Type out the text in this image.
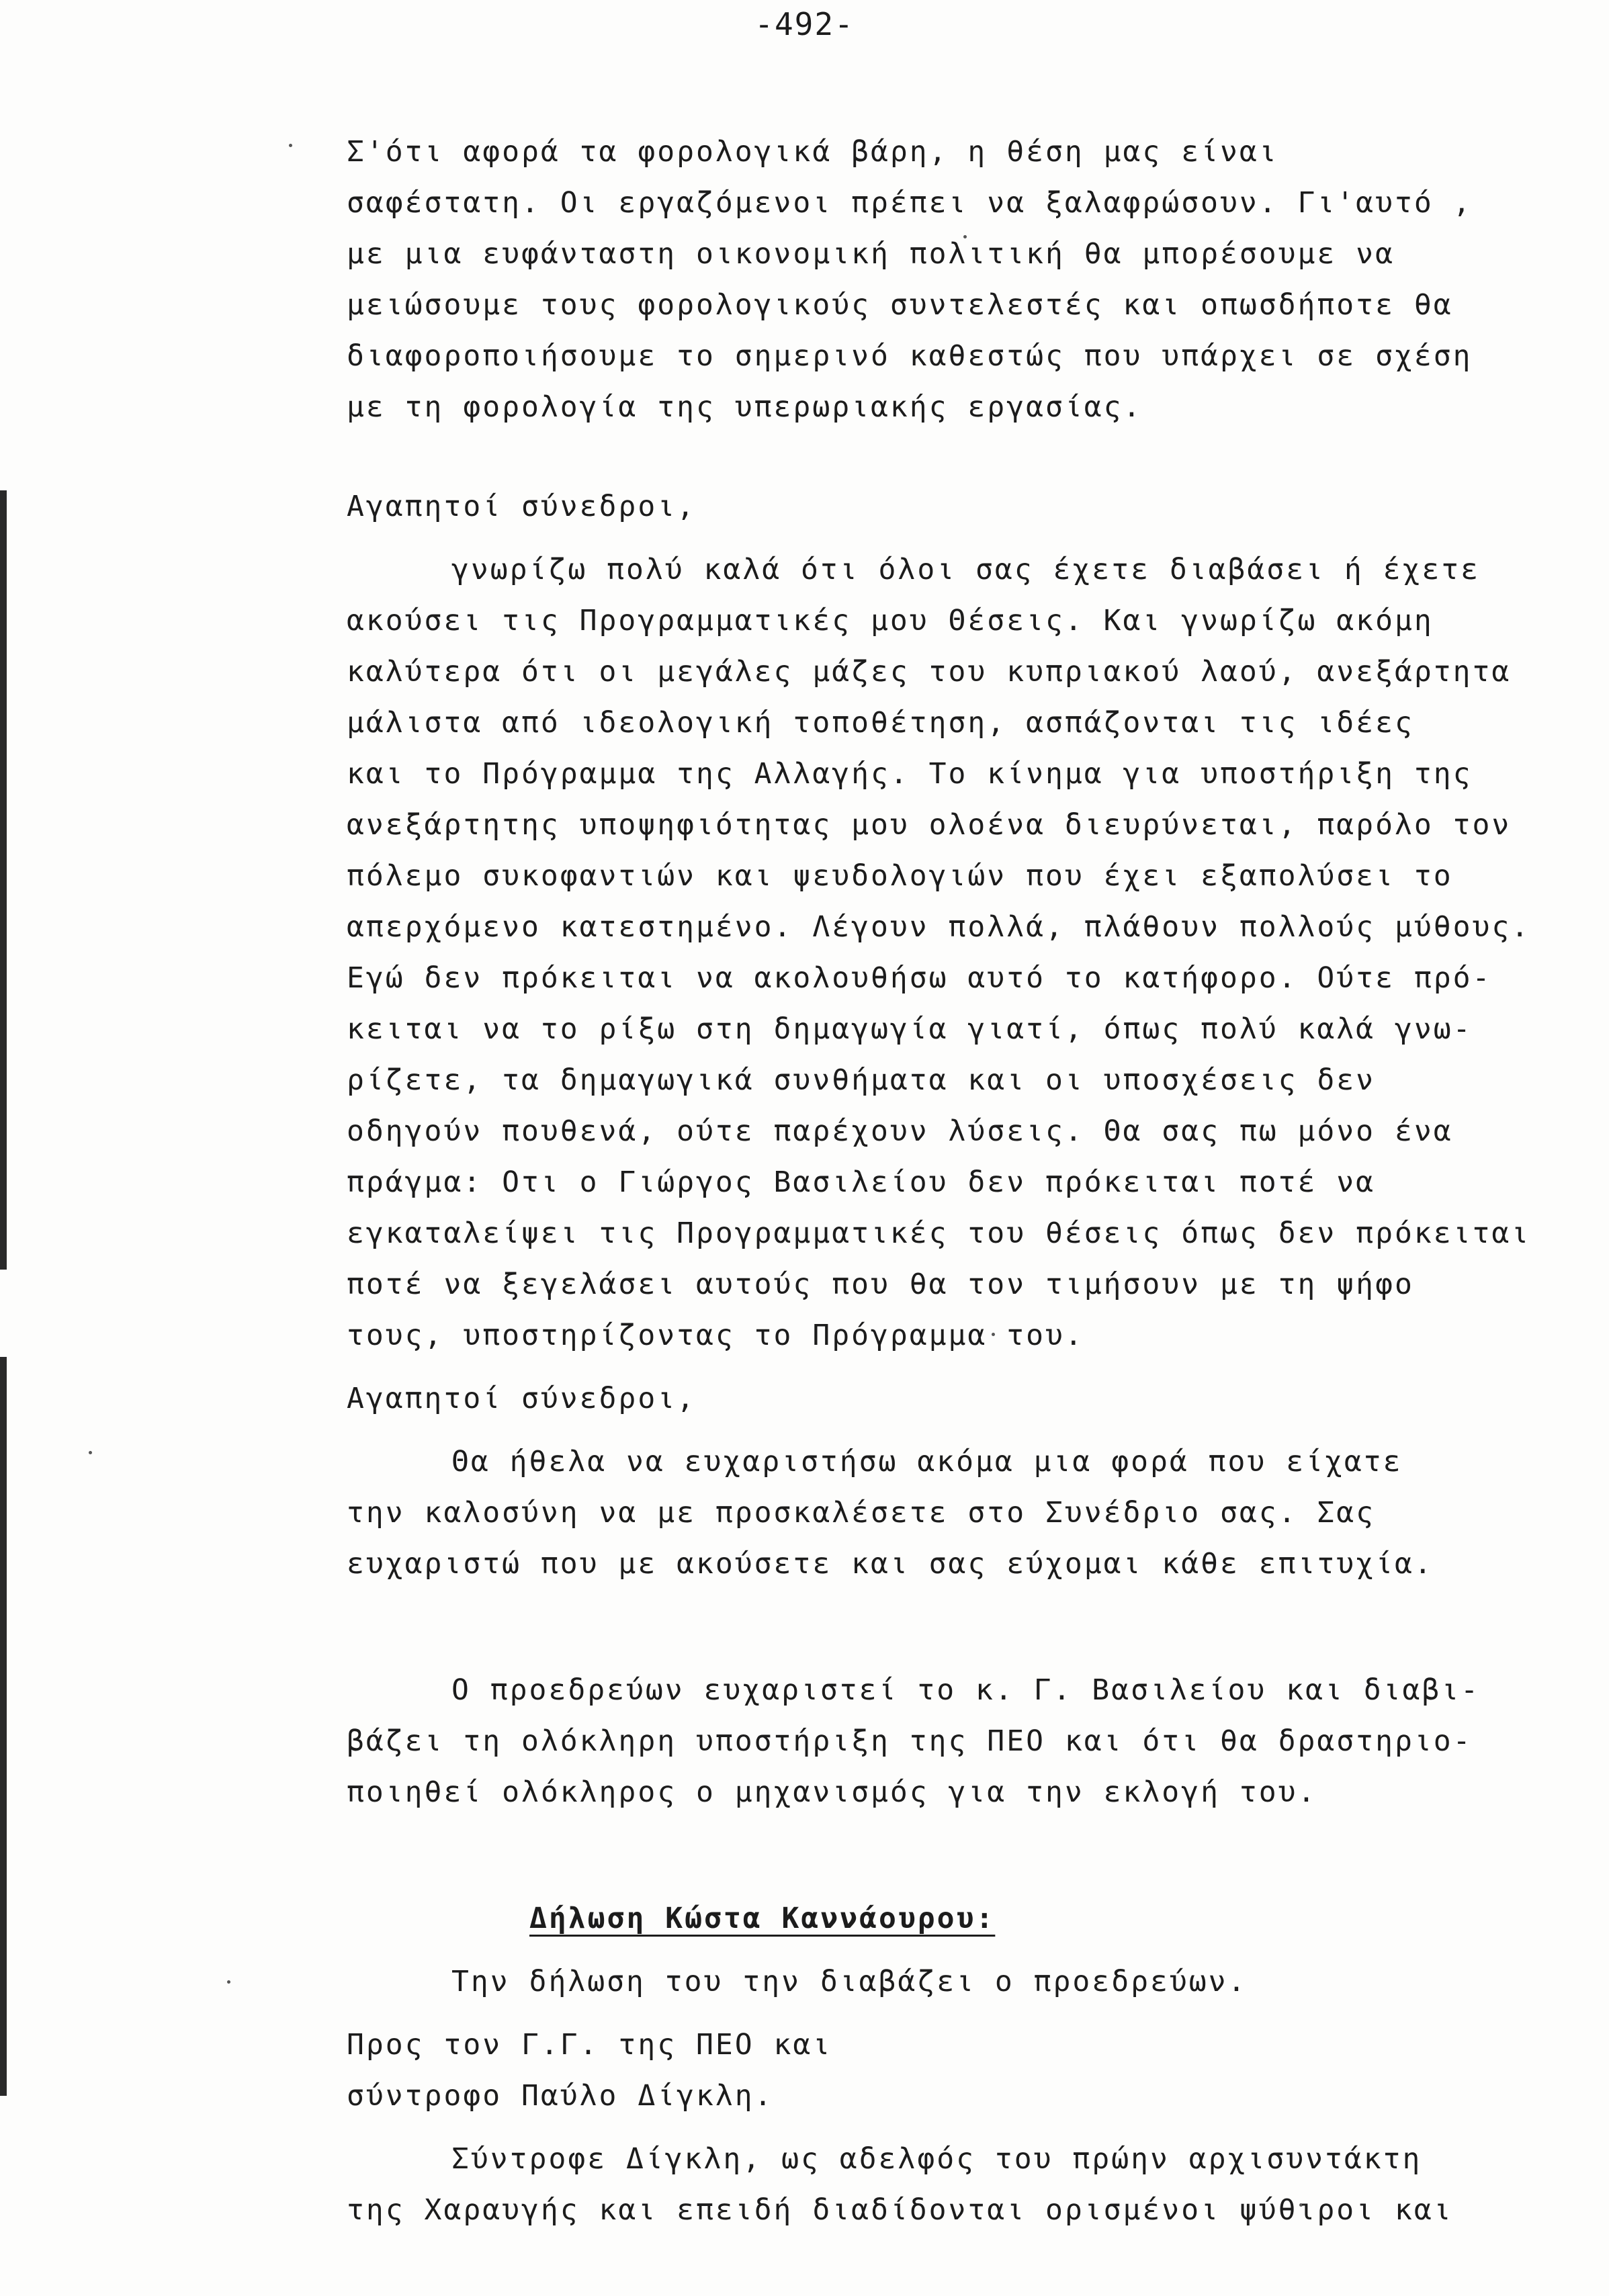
-492-
Σ'ότι αφορά τα φορολογικά βάρη, η θέση μας είναι
σαφέστατη. Οι εργαζόμενοι πρέπει να ξαλαφρώσουν. Γι'αυτό ,
με μια ευφάνταστη οικονομική πολιτική θα μπορέσουμε να
μειώσουμε τους φορολογικούς συντελεστές και οπωσδήποτε θα
διαφοροποιήσουμε το σημερινό καθεστώς που υπάρχει σε σχέση
με τη φορολογία της υπερωριακής εργασίας.
Αγαπητοί σύνεδροι,
γνωρίζω πολύ καλά ότι όλοι σας έχετε διαβάσει ή έχετε
ακούσει τις Προγραμματικές μου Θέσεις. Και γνωρίζω ακόμη
καλύτερα ότι οι μεγάλες μάζες του κυπριακού λαού, ανεξάρτητα
μάλιστα από ιδεολογική τοποθέτηση, ασπάζονται τις ιδέες
και το Πρόγραμμα της Αλλαγής. Το κίνημα για υποστήριξη της
ανεξάρτητης υποψηφιότητας μου ολοένα διευρύνεται, παρόλο τον
πόλεμο συκοφαντιών και ψευδολογιών που έχει εξαπολύσει το
απερχόμενο κατεστημένο. Λέγουν πολλά, πλάθουν πολλούς μύθους.
Εγώ δεν πρόκειται να ακολουθήσω αυτό το κατήφορο. Ούτε πρό-
κειται να το ρίξω στη δημαγωγία γιατί, όπως πολύ καλά γνω-
ρίζετε, τα δημαγωγικά συνθήματα και οι υποσχέσεις δεν
οδηγούν πουθενά, ούτε παρέχουν λύσεις. Θα σας πω μόνο ένα
πράγμα: Οτι ο Γιώργος Βασιλείου δεν πρόκειται ποτέ να
εγκαταλείψει τις Προγραμματικές του θέσεις όπως δεν πρόκειται
ποτέ να ξεγελάσει αυτούς που θα τον τιμήσουν με τη ψήφο
τους, υποστηρίζοντας το Πρόγραμμα του.
Αγαπητοί σύνεδροι,
Θα ήθελα να ευχαριστήσω ακόμα μια φορά που είχατε
την καλοσύνη να με προσκαλέσετε στο Συνέδριο σας. Σας
ευχαριστώ που με ακούσετε και σας εύχομαι κάθε επιτυχία.
Ο προεδρεύων ευχαριστεί το κ. Γ. Βασιλείου και διαβι-
βάζει τη ολόκληρη υποστήριξη της ΠΕΟ και ότι θα δραστηριο-
ποιηθεί ολόκληρος ο μηχανισμός για την εκλογή του.
Δήλωση Κώστα Καννάουρου:
Την δήλωση του την διαβάζει ο προεδρεύων.
Προς τον Γ.Γ. της ΠΕΟ και
σύντροφο Παύλο Δίγκλη.
Σύντροφε Δίγκλη, ως αδελφός του πρώην αρχισυντάκτη
της Χαραυγής και επειδή διαδίδονται ορισμένοι ψύθιροι και
